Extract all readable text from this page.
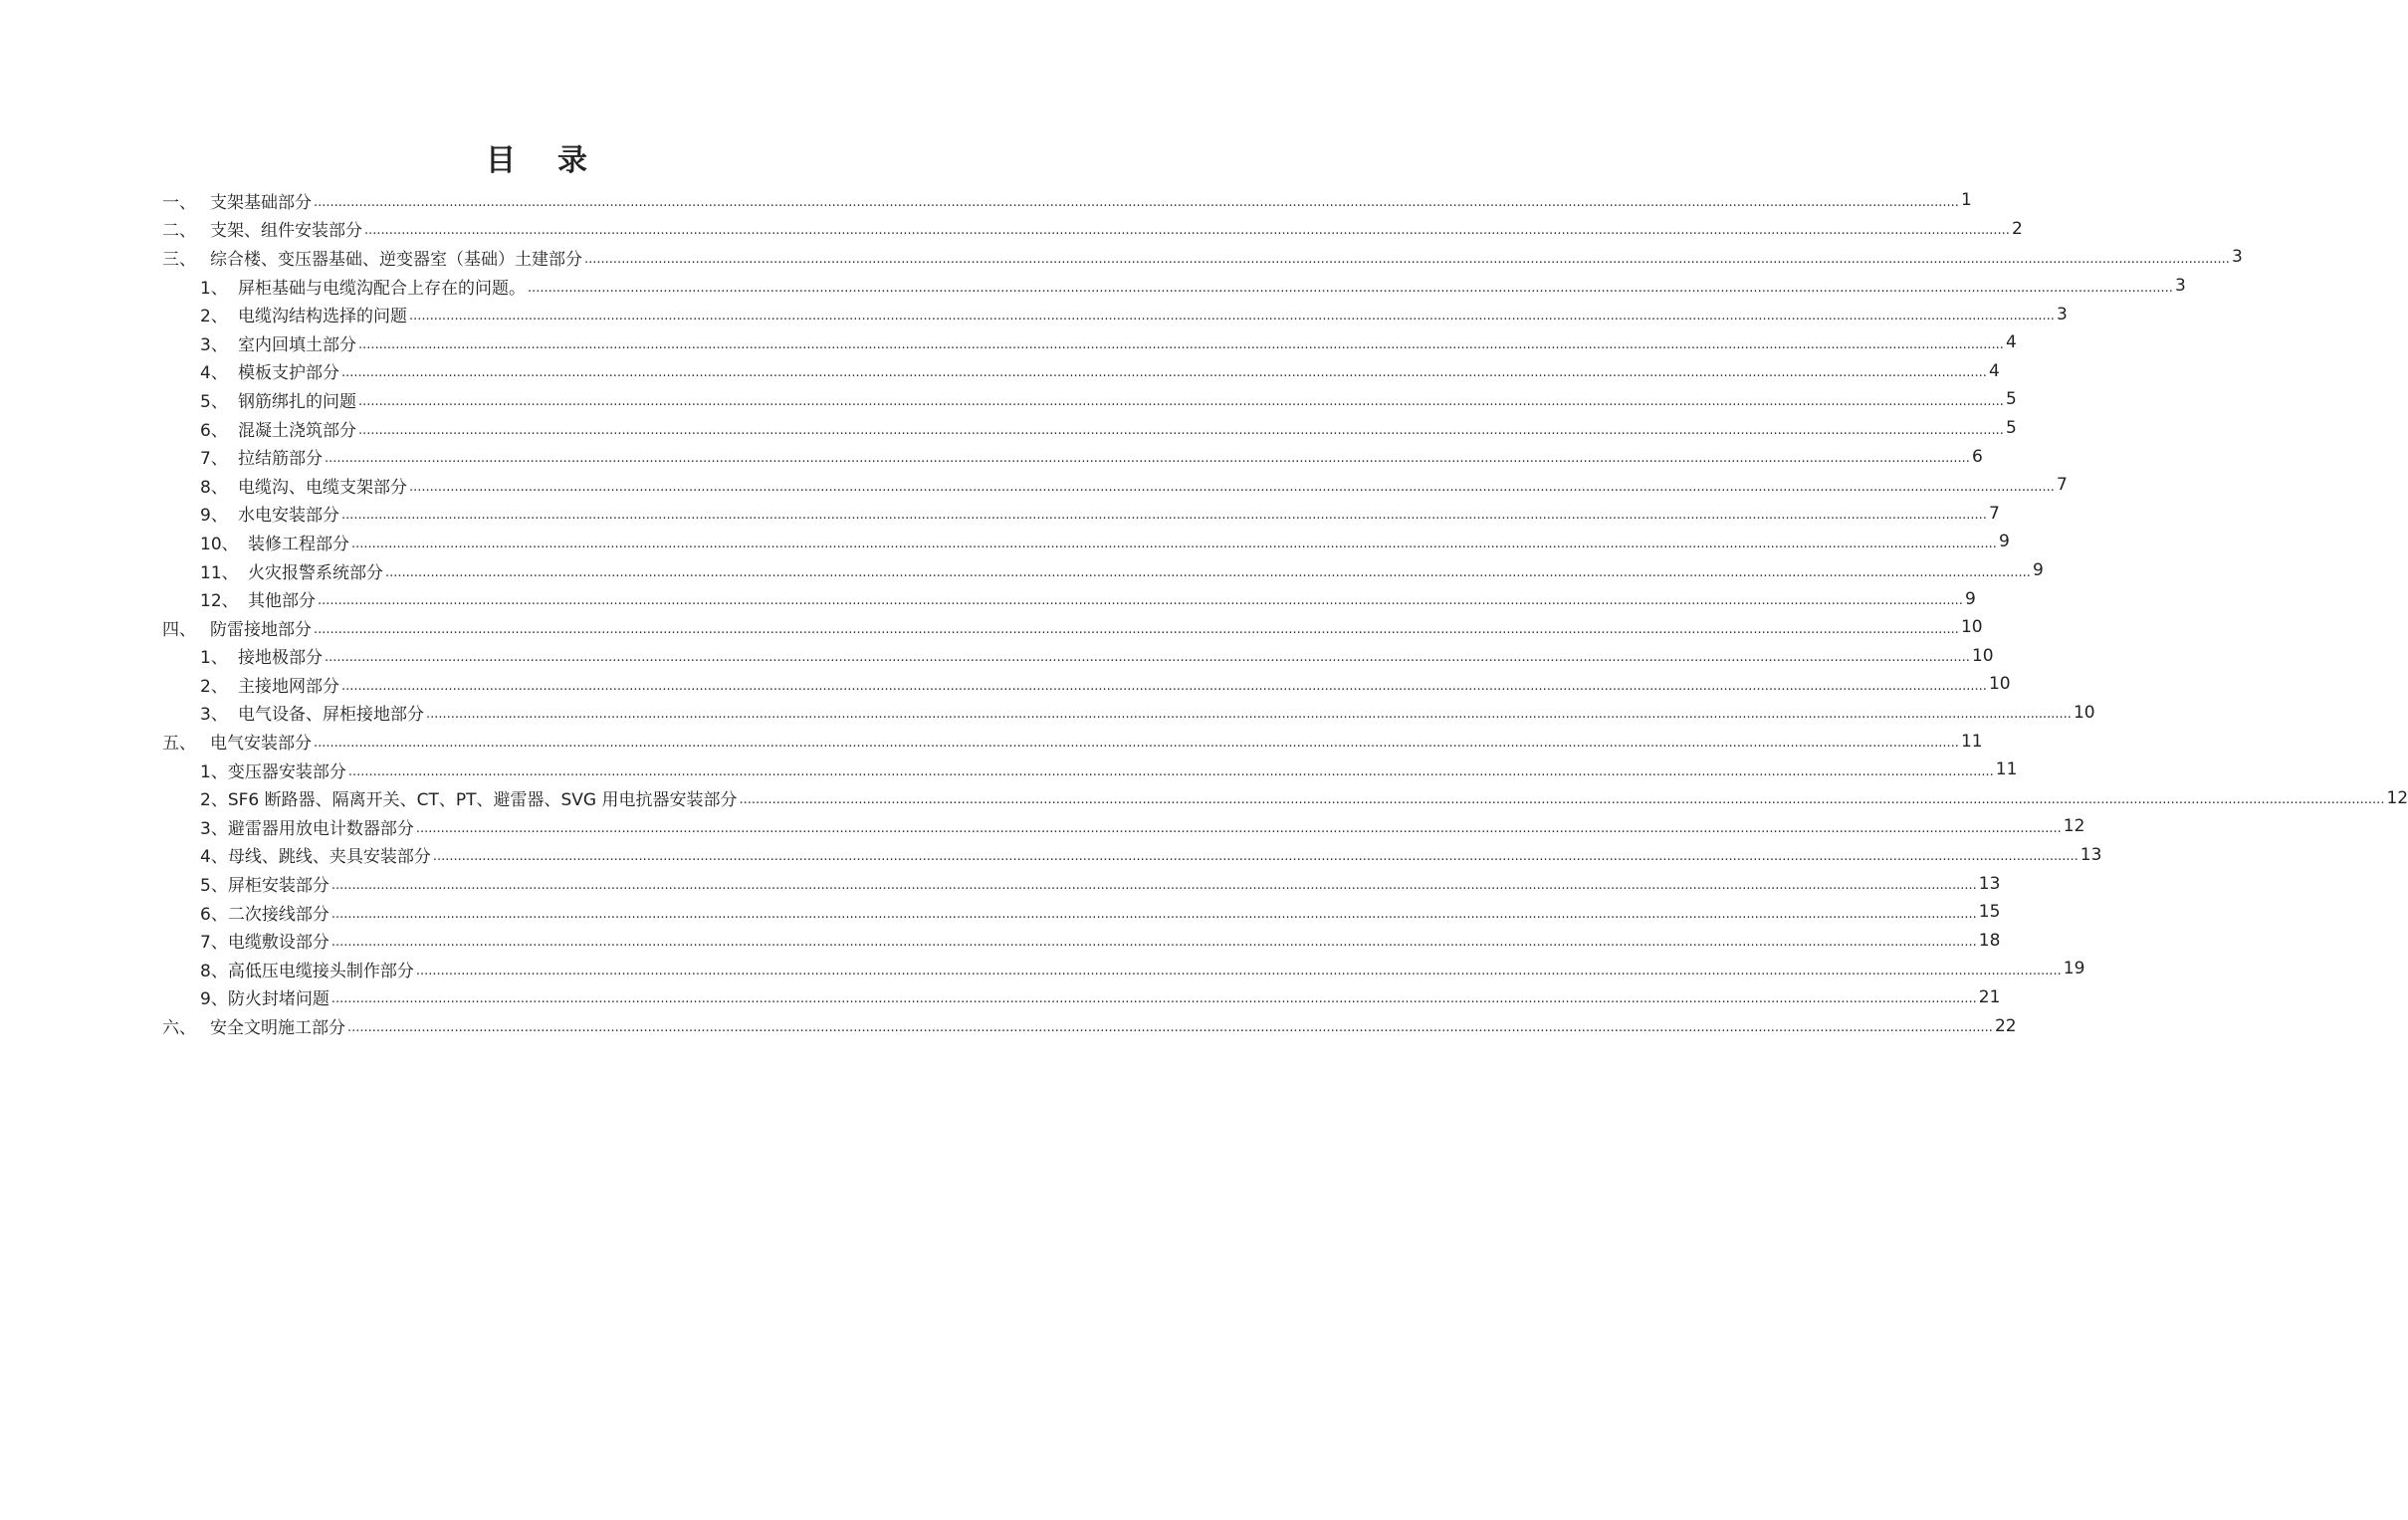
目 录
一、 支架基础部分 ................................................................................................................................................................................................................................................................................................................................................................................................................ 1
二、 支架、组件安装部分 ................................................................................................................................................................................................................................................................................................................................................................................................................ 2
三、 综合楼、变压器基础、逆变器室（基础）土建部分 ................................................................................................................................................................................................................................................................................................................................................................................................................ 3
1、 屏柜基础与电缆沟配合上存在的问题。 ................................................................................................................................................................................................................................................................................................................................................................................................................ 3
2、 电缆沟结构选择的问题 ................................................................................................................................................................................................................................................................................................................................................................................................................ 3
3、 室内回填土部分 ................................................................................................................................................................................................................................................................................................................................................................................................................ 4
4、 模板支护部分 ................................................................................................................................................................................................................................................................................................................................................................................................................ 4
5、 钢筋绑扎的问题 ................................................................................................................................................................................................................................................................................................................................................................................................................ 5
6、 混凝土浇筑部分 ................................................................................................................................................................................................................................................................................................................................................................................................................ 5
7、 拉结筋部分 ................................................................................................................................................................................................................................................................................................................................................................................................................ 6
8、 电缆沟、电缆支架部分 ................................................................................................................................................................................................................................................................................................................................................................................................................ 7
9、 水电安装部分 ................................................................................................................................................................................................................................................................................................................................................................................................................ 7
10、 装修工程部分 ................................................................................................................................................................................................................................................................................................................................................................................................................ 9
11、 火灾报警系统部分 ................................................................................................................................................................................................................................................................................................................................................................................................................ 9
12、 其他部分 ................................................................................................................................................................................................................................................................................................................................................................................................................ 9
四、 防雷接地部分 ................................................................................................................................................................................................................................................................................................................................................................................................................ 10
1、 接地极部分 ................................................................................................................................................................................................................................................................................................................................................................................................................ 10
2、 主接地网部分 ................................................................................................................................................................................................................................................................................................................................................................................................................ 10
3、 电气设备、屏柜接地部分 ................................................................................................................................................................................................................................................................................................................................................................................................................ 10
五、 电气安装部分 ................................................................................................................................................................................................................................................................................................................................................................................................................ 11
1、 变压器安装部分 ................................................................................................................................................................................................................................................................................................................................................................................................................ 11
2、 SF6 断路器、隔离开关、CT、PT、避雷器、SVG 用电抗器安装部分 ................................................................................................................................................................................................................................................................................................................................................................................................................ 12
3、 避雷器用放电计数器部分 ................................................................................................................................................................................................................................................................................................................................................................................................................ 12
4、 母线、跳线、夹具安装部分 ................................................................................................................................................................................................................................................................................................................................................................................................................ 13
5、 屏柜安装部分 ................................................................................................................................................................................................................................................................................................................................................................................................................ 13
6、 二次接线部分 ................................................................................................................................................................................................................................................................................................................................................................................................................ 15
7、 电缆敷设部分 ................................................................................................................................................................................................................................................................................................................................................................................................................ 18
8、 高低压电缆接头制作部分 ................................................................................................................................................................................................................................................................................................................................................................................................................ 19
9、 防火封堵问题 ................................................................................................................................................................................................................................................................................................................................................................................................................ 21
六、 安全文明施工部分 ................................................................................................................................................................................................................................................................................................................................................................................................................ 22
